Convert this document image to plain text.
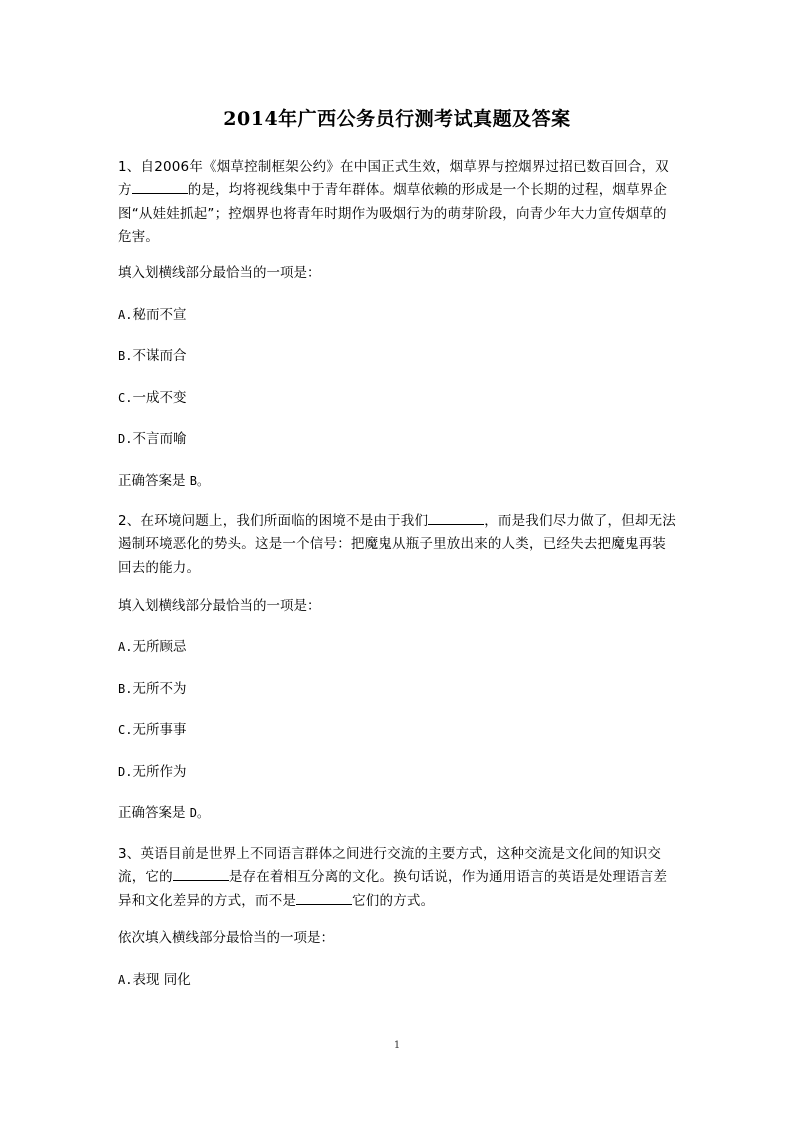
2014年广西公务员行测考试真题及答案
1、自2006年《烟草控制框架公约》在中国正式生效，烟草界与控烟界过招已数百回合，双方	的是，均将视线集中于青年群体。烟草依赖的形成是一个长期的过程，烟草界企图“从娃娃抓起”；控烟界也将青年时期作为吸烟行为的萌芽阶段，向青少年大力宣传烟草的危害。
填入划横线部分最恰当的一项是：
A.秘而不宣
B.不谋而合
C.一成不变
D.不言而喻
正确答案是 B。
2、在环境问题上，我们所面临的困境不是由于我们	，而是我们尽力做了，但却无法遏制环境恶化的势头。这是一个信号：把魔鬼从瓶子里放出来的人类，已经失去把魔鬼再装回去的能力。
填入划横线部分最恰当的一项是：
A.无所顾忌
B.无所不为
C.无所事事
D.无所作为
正确答案是 D。
3、英语目前是世界上不同语言群体之间进行交流的主要方式，这种交流是文化间的知识交流，它的	是存在着相互分离的文化。换句话说，作为通用语言的英语是处理语言差异和文化差异的方式，而不是	它们的方式。
依次填入横线部分最恰当的一项是：
A.表现 同化
1
